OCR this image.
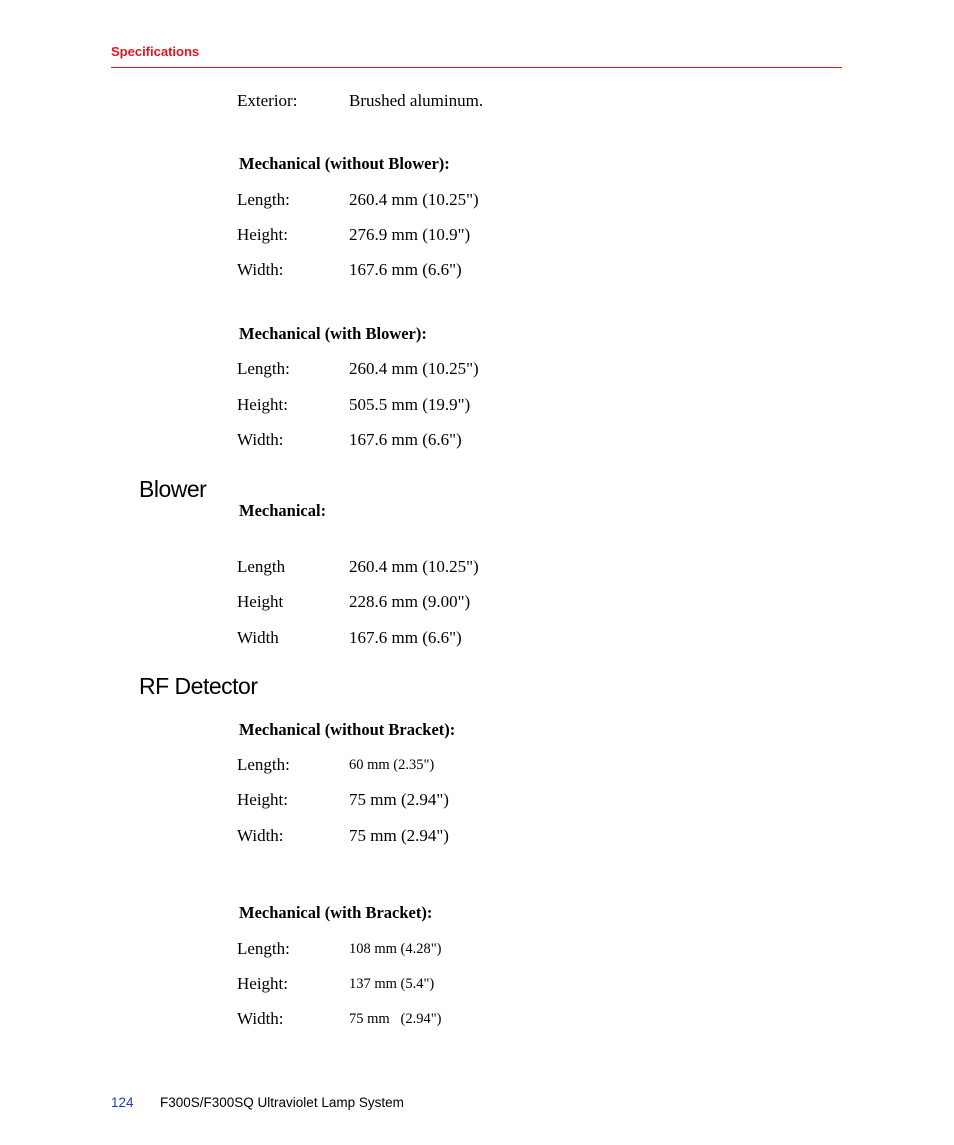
Specifications
Exterior:	Brushed aluminum.
Mechanical (without Blower):
Length:	260.4 mm (10.25")
Height:	276.9 mm (10.9")
Width:	167.6 mm (6.6")
Mechanical (with Blower):
Length:	260.4 mm (10.25")
Height:	505.5 mm (19.9")
Width:	167.6 mm (6.6")
Blower
Mechanical:
Length	260.4 mm (10.25")
Height	228.6 mm (9.00")
Width	167.6 mm (6.6")
RF Detector
Mechanical (without Bracket):
Length:	60 mm (2.35")
Height:	75 mm (2.94")
Width:	75 mm (2.94")
Mechanical (with Bracket):
Length:	108 mm (4.28")
Height:	137 mm (5.4")
Width:	75 mm   (2.94")
124 F300S/F300SQ Ultraviolet Lamp System
